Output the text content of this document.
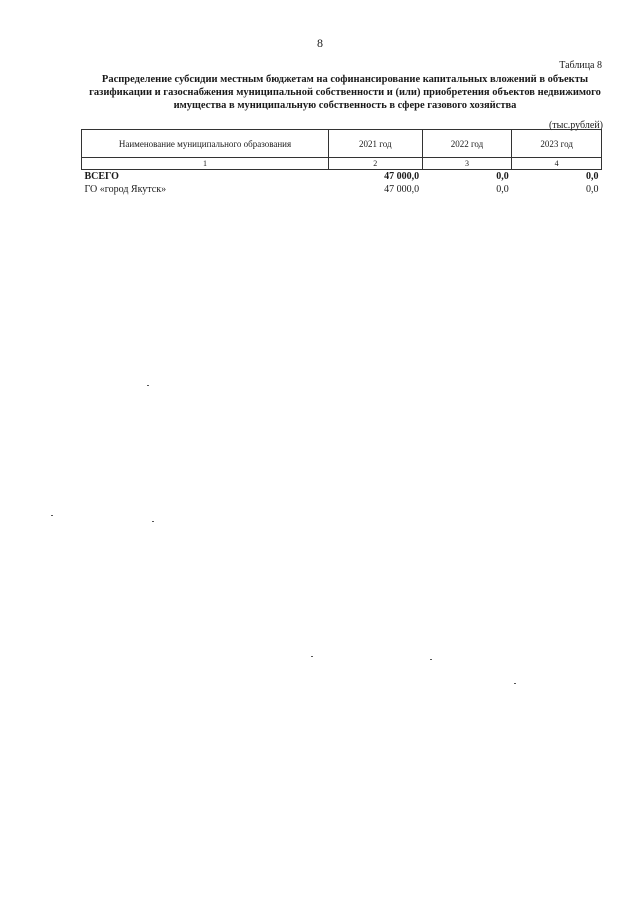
8
Таблица 8
Распределение субсидии местным бюджетам на софинансирование капитальных вложений в объекты газификации и газоснабжения муниципальной собственности и (или) приобретения объектов недвижимого имущества в муниципальную собственность в сфере газового хозяйства
(тыс.рублей)
Наименование муниципального образования	2021 год	2022 год	2023 год
1	2	3	4
ВСЕГО	47 000,0	0,0	0,0
ГО «город Якутск»	47 000,0	0,0	0,0
